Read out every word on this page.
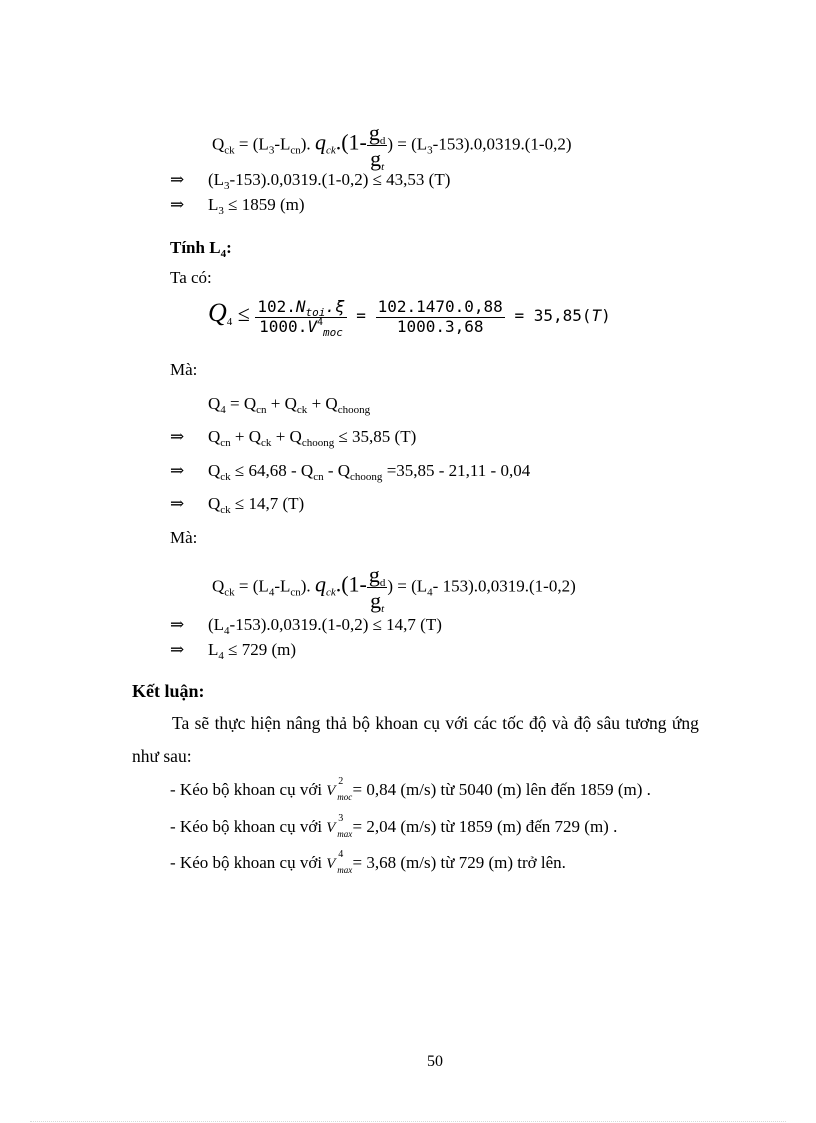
$Q_{ck} = (L_3-L_{cn})$. $q_{ck}.(1- \frac{g_d}{g_t}$ ) = $(L_3-153).0,0319.(1-0,2)$
⇒ $(L_3-153).0,0319.(1-0,2) \le 43,53$ (T)
⇒ $L_3 \le 1859$ (m)
Tính $L_4$:
Ta có:
$Q_4 \le \frac{102.N_{toi}.\xi}{1000.V^4_{moc}} = \frac{102.1470.0,88}{1000.3,68} = 35,85(T)$
Mà:
$Q_4 = Q_{cn} + Q_{ck} + Q_{choong}$
⇒ $Q_{cn} + Q_{ck} + Q_{choong} \le 35,85$ (T)
⇒ $Q_{ck} \le 64,68 - Q_{cn} - Q_{choong} =35,85 - 21,11 - 0,04$
⇒ $Q_{ck} \le 14,7$ (T)
Mà:
$Q_{ck} = (L_4-L_{cn})$. $q_{ck}.(1- \frac{g_d}{g_t}$ ) = ($L_4-$ 153).0,0319.(1-0,2)
⇒ $(L_4-153).0,0319.(1-0,2) \le 14,7$ (T)
⇒ $L_4 \le 729$ (m)
Kết luận:
Ta sẽ thực hiện nâng thả bộ khoan cụ với các tốc độ và độ sâu tương ứng
như sau:
- Kéo bộ khoan cụ với V
2
moc
= 0,84 (m/s) từ 5040 (m) lên đến 1859 (m) .
- Kéo bộ khoan cụ với V
3
max
= 2,04 (m/s) từ 1859 (m) đến 729 (m) .
- Kéo bộ khoan cụ với V
4
max
= 3,68 (m/s) từ 729 (m) trở lên.
50
